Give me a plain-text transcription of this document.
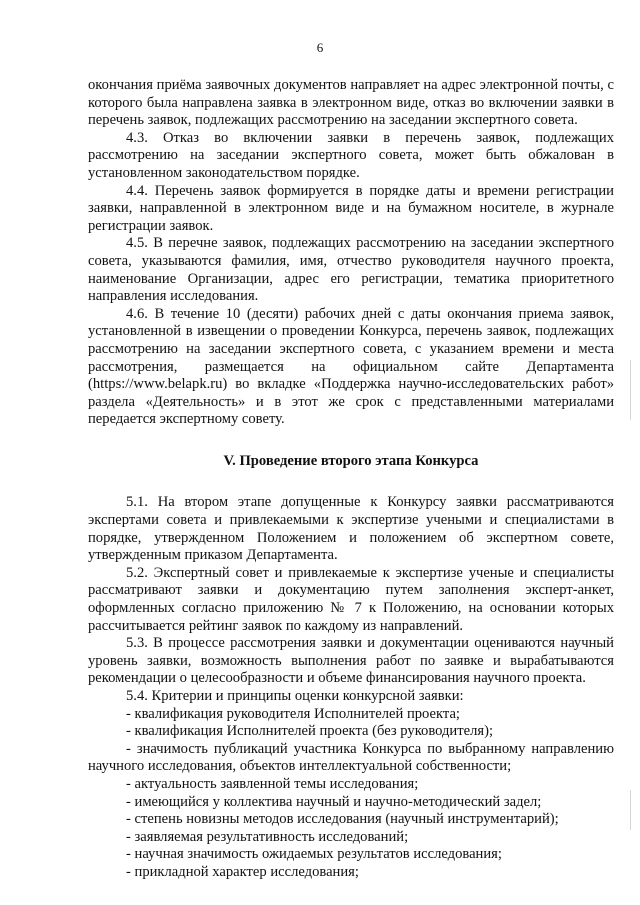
6

окончания приёма заявочных документов направляет на адрес электронной почты, с которого была направлена заявка в электронном виде, отказ во включении заявки в перечень заявок, подлежащих рассмотрению на заседании экспертного совета.

4.3. Отказ во включении заявки в перечень заявок, подлежащих рассмотрению на заседании экспертного совета, может быть обжалован в установленном законодательством порядке.

4.4. Перечень заявок формируется в порядке даты и времени регистрации заявки, направленной в электронном виде и на бумажном носителе, в журнале регистрации заявок.

4.5. В перечне заявок, подлежащих рассмотрению на заседании экспертного совета, указываются фамилия, имя, отчество руководителя научного проекта, наименование Организации, адрес его регистрации, тематика приоритетного направления исследования.

4.6. В течение 10 (десяти) рабочих дней с даты окончания приема заявок, установленной в извещении о проведении Конкурса, перечень заявок, подлежащих рассмотрению на заседании экспертного совета, с указанием времени и места рассмотрения, размещается на официальном сайте Департамента (https://www.belapk.ru) во вкладке «Поддержка научно-исследовательских работ» раздела «Деятельность» и в этот же срок с представленными материалами передается экспертному совету.

V. Проведение второго этапа Конкурса

5.1. На втором этапе допущенные к Конкурсу заявки рассматриваются экспертами совета и привлекаемыми к экспертизе учеными и специалистами в порядке, утвержденном Положением и положением об экспертном совете, утвержденным приказом Департамента.

5.2. Экспертный совет и привлекаемые к экспертизе ученые и специалисты рассматривают заявки и документацию путем заполнения эксперт-анкет, оформленных согласно приложению № 7 к Положению, на основании которых рассчитывается рейтинг заявок по каждому из направлений.

5.3. В процессе рассмотрения заявки и документации оцениваются научный уровень заявки, возможность выполнения работ по заявке и вырабатываются рекомендации о целесообразности и объеме финансирования научного проекта.

5.4. Критерии и принципы оценки конкурсной заявки:

- квалификация руководителя Исполнителей проекта;

- квалификация Исполнителей проекта (без руководителя);

- значимость публикаций участника Конкурса по выбранному направлению научного исследования, объектов интеллектуальной собственности;

- актуальность заявленной темы исследования;

- имеющийся у коллектива научный и научно-методический задел;

- степень новизны методов исследования (научный инструментарий);

- заявляемая результативность исследований;

- научная значимость ожидаемых результатов исследования;

- прикладной характер исследования;
